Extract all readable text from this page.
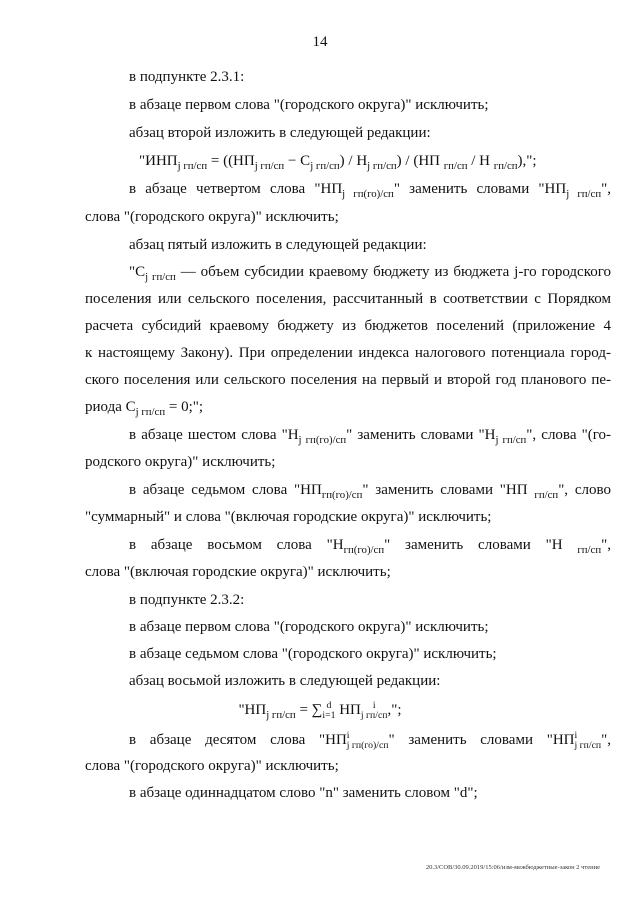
14
в подпункте 2.3.1:
в абзаце первом слова "(городского округа)" исключить;
абзац второй изложить в следующей редакции:
"$ИНП_{j гп/сп} = ((НП_{j гп/сп} - С_{j гп/сп}) / Н_{j гп/сп}) / (НП$ $_{гп/сп}$ / Н $_{гп/сп}$),";
в абзаце четвертом слова "$НП_{j гп(го)/сп}$" заменить словами "$НП_{j гп/сп}$",
слова "(городского округа)" исключить;
абзац пятый изложить в следующей редакции:
"$С_{j гп/сп}$ — объем субсидии краевому бюджету из бюджета j-го городского
поселения или сельского поселения, рассчитанный в соответствии с Порядком
расчета субсидий краевому бюджету из бюджетов поселений (приложение 4
к настоящему Закону). При определении индекса налогового потенциала город-
ского поселения или сельского поселения на первый и второй год планового пе-
риода $С_{j гп/сп} = 0$;";
в абзаце шестом слова "$Н_{j гп(го)/сп}$" заменить словами "$Н_{j гп/сп}$", слова "(го-
родского округа)" исключить;
в абзаце седьмом слова "$НП_{гп(го)/сп}$" заменить словами "НП $_{гп/сп}$", слово
"суммарный" и слова "(включая городские округа)" исключить;
в абзаце восьмом слова "$Н_{гп(го)/сп}$" заменить словами "Н $_{гп/сп}$",
слова "(включая городские округа)" исключить;
в подпункте 2.3.2:
в абзаце первом слова "(городского округа)" исключить;
в абзаце седьмом слова "(городского округа)" исключить;
абзац восьмой изложить в следующей редакции:
"$НП_{j гп/сп}$ = ∑ d
i=1 НП i
j гп/сп,";
в абзаце десятом слова "НПi
j гп(го)/сп" заменить словами "НПi
j гп/сп",
слова "(городского округа)" исключить;
в абзаце одиннадцатом слово "n" заменить словом "d";
20.3/СОВ/30.09.2019/15:06/изм-межбюджетные-закон 2 чтение
